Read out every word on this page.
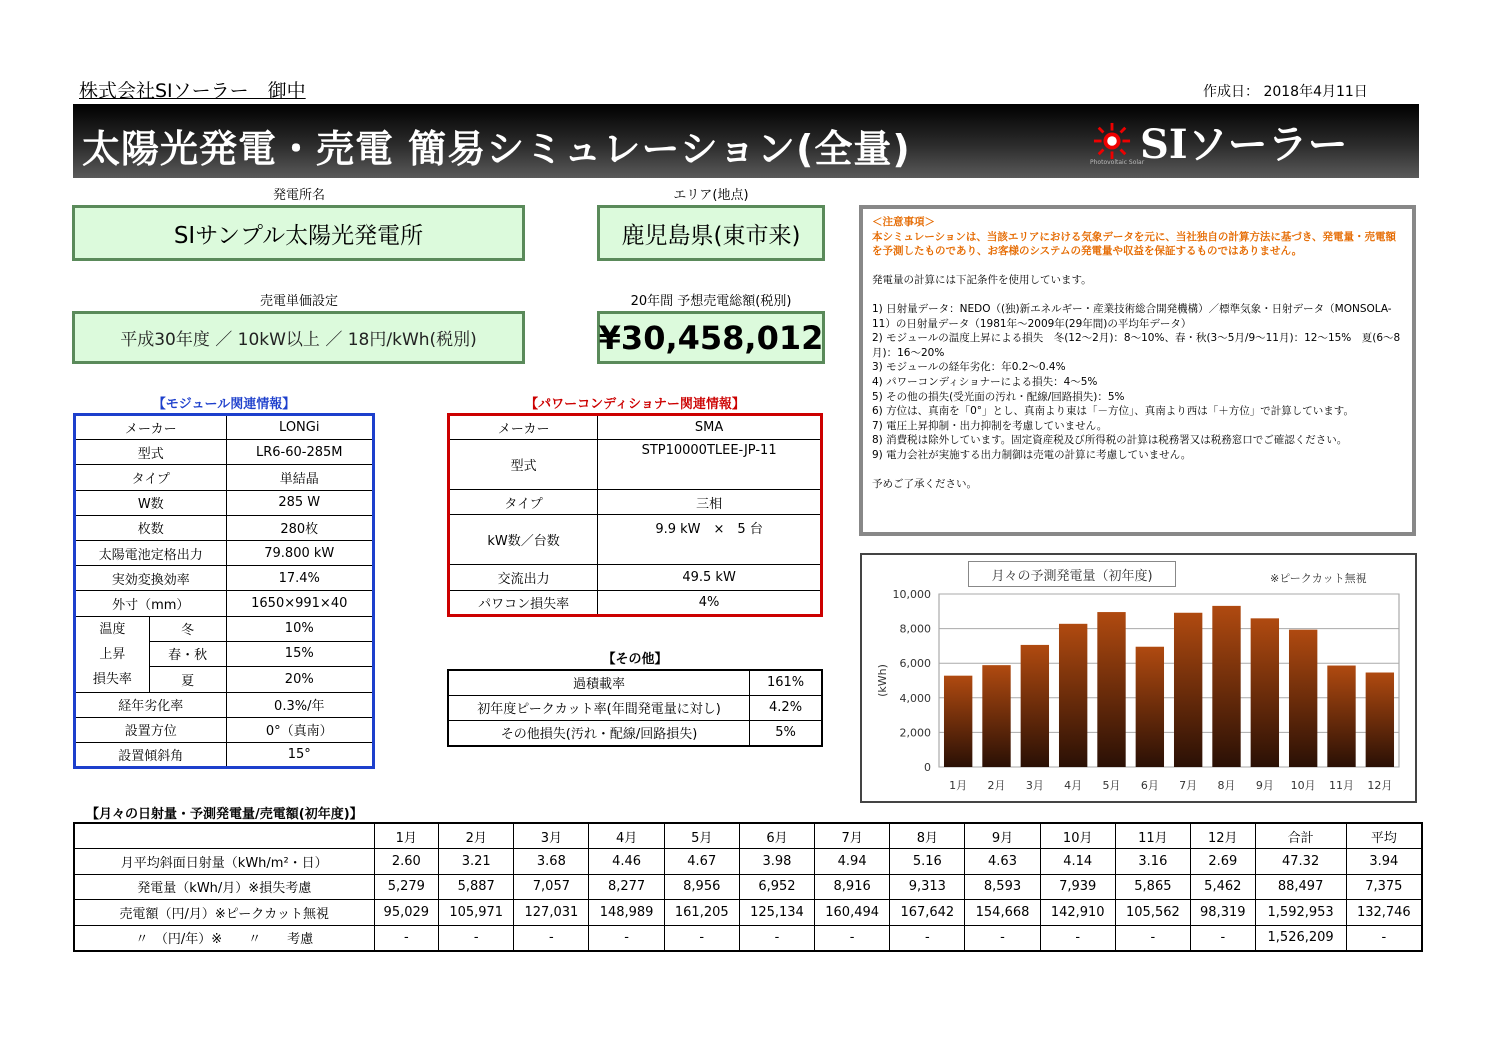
株式会社SIソーラー　御中	作成日： 2018年4月11日
太陽光発電・売電 簡易シミュレーション(全量)	Photovoltaic Solar
SIソーラー
発電所名
SIサンプル太陽光発電所
エリア(地点)
鹿児島県(東市来)
売電単価設定
平成30年度 ／ 10kW以上 ／ 18円/kWh(税別)
20年間 予想売電総額(税別)
¥30,458,012

＜注意事項＞
本シミュレーションは、当該エリアにおける気象データを元に、当社独自の計算方法に基づき、発電量・売電額を予測したものであり、お客様のシステムの発電量や収益を保証するものではありません。

発電量の計算には下記条件を使用しています。

1) 日射量データ：NEDO（(独)新エネルギー・産業技術総合開発機構）／標準気象・日射データ（MONSOLA-11）の日射量データ（1981年～2009年(29年間)の平均年データ）
2) モジュールの温度上昇による損失　冬(12～2月)：8～10%、春・秋(3～5月/9～11月)：12～15%　夏(6～8月)：16～20%
3) モジュールの経年劣化：年0.2～0.4%
4) パワーコンディショナーによる損失：4～5%
5) その他の損失(受光面の汚れ・配線/回路損失)：5%
6) 方位は、真南を「0°」とし、真南より東は「－方位」、真南より西は「＋方位」で計算しています。
7) 電圧上昇抑制・出力抑制を考慮していません。
8) 消費税は除外しています。固定資産税及び所得税の計算は税務署又は税務窓口でご確認ください。
9) 電力会社が実施する出力制御は売電の計算に考慮していません。

予めご了承ください。

【モジュール関連情報】
メーカー		LONGi
型式		LR6-60-285M
タイプ		単結晶
W数		285 W
枚数		280枚
太陽電池定格出力		79.800 kW
実効変換効率		17.4%
外寸（mm）		1650×991×40
温度
上昇
損失率	冬	10%
	春・秋	15%
	夏	20%
経年劣化率		0.3%/年
設置方位		0°（真南）
設置傾斜角		15°
【パワーコンディショナー関連情報】
メーカー	SMA
型式	STP10000TLEE-JP-11
タイプ	三相
kW数／台数	9.9 kW　×　5 台
交流出力	49.5 kW
パワコン損失率	4%
【その他】
過積載率	161%
初年度ピークカット率(年間発電量に対し)	4.2%
その他損失(汚れ・配線/回路損失)	5%
0
2,000
4,000
6,000
8,000
10,000
(kWh)
1月 2月 3月 4月 5月 6月 7月 8月 9月 10月 11月 12月
月々の予測発電量（初年度)	※ピークカット無視
【月々の日射量・予測発電量/売電額(初年度)】
	1月	2月	3月	4月	5月	6月	7月	8月	9月	10月	11月	12月	合計	平均
月平均斜面日射量（kWh/m²・日）	2.60	3.21	3.68	4.46	4.67	3.98	4.94	5.16	4.63	4.14	3.16	2.69	47.32	3.94
発電量（kWh/月）※損失考慮	5,279	5,887	7,057	8,277	8,956	6,952	8,916	9,313	8,593	7,939	5,865	5,462	88,497	7,375
売電額（円/月）※ピークカット無視	95,029	105,971	127,031	148,989	161,205	125,134	160,494	167,642	154,668	142,910	105,562	98,319	1,592,953	132,746
〃　（円/年）※　　〃　　考慮	-	-	-	-	-	-	-	-	-	-	-	-	1,526,209	-
